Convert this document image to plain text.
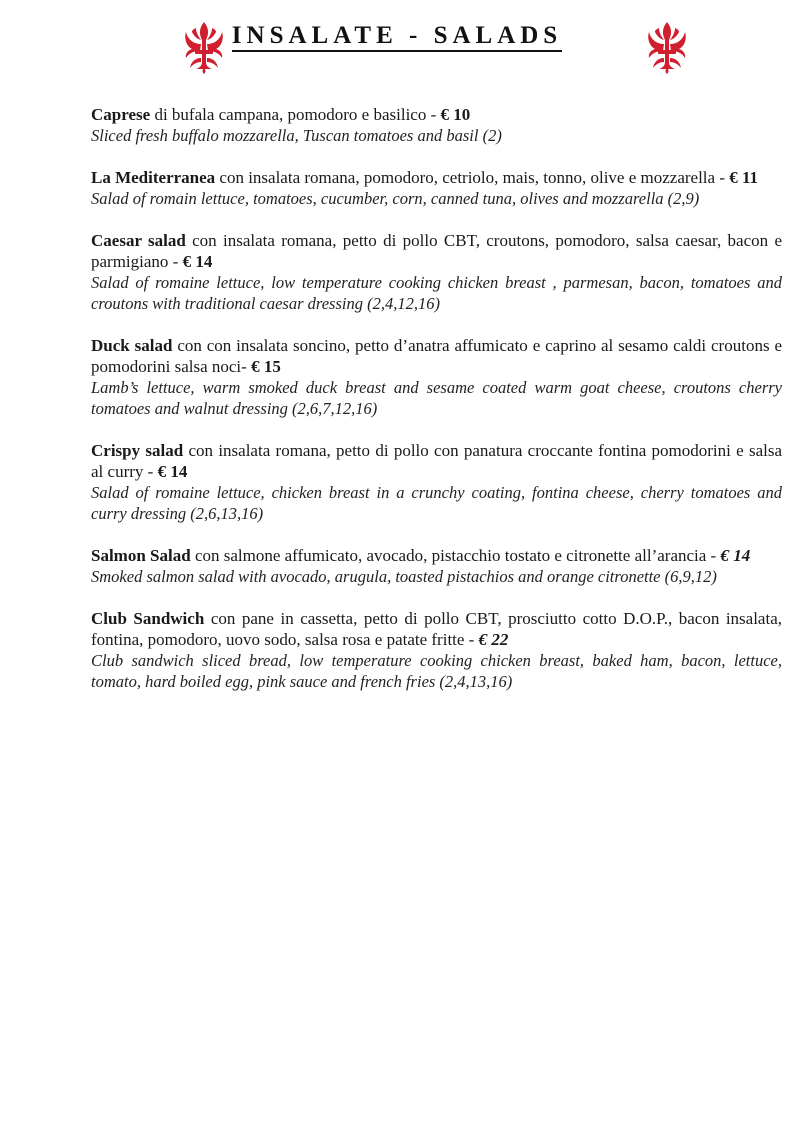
INSALATE - SALADS

Caprese di bufala campana, pomodoro e basilico - € 10

Sliced fresh buffalo mozzarella, Tuscan tomatoes and basil (2)

La Mediterranea con insalata romana, pomodoro, cetriolo, mais, tonno, olive e mozzarella - € 11

Salad of romain lettuce, tomatoes, cucumber, corn, canned tuna, olives and mozzarella (2,9)

Caesar salad con insalata romana, petto di pollo CBT, croutons, pomodoro, salsa caesar, bacon e parmigiano - € 14

Salad of romaine lettuce, low temperature cooking chicken breast , parmesan, bacon, tomatoes and croutons with traditional caesar dressing (2,4,12,16)

Duck salad con con insalata soncino, petto d’anatra affumicato e caprino al sesamo caldi croutons e pomodorini salsa noci- € 15

Lamb’s lettuce, warm smoked duck breast and sesame coated warm goat cheese, croutons cherry tomatoes and walnut dressing (2,6,7,12,16)

Crispy salad con insalata romana, petto di pollo con panatura croccante fontina pomodorini e salsa al curry - € 14

Salad of romaine lettuce, chicken breast in a crunchy coating, fontina cheese, cherry tomatoes and curry dressing (2,6,13,16)

Salmon Salad con salmone affumicato, avocado, pistacchio tostato e citronette all’arancia - € 14

Smoked salmon salad with avocado, arugula, toasted pistachios and orange citronette (6,9,12)

Club Sandwich con pane in cassetta, petto di pollo CBT, prosciutto cotto D.O.P., bacon insalata, fontina, pomodoro, uovo sodo, salsa rosa e patate fritte - € 22

Club sandwich sliced bread, low temperature cooking chicken breast, baked ham, bacon, lettuce, tomato, hard boiled egg, pink sauce and french fries (2,4,13,16)
